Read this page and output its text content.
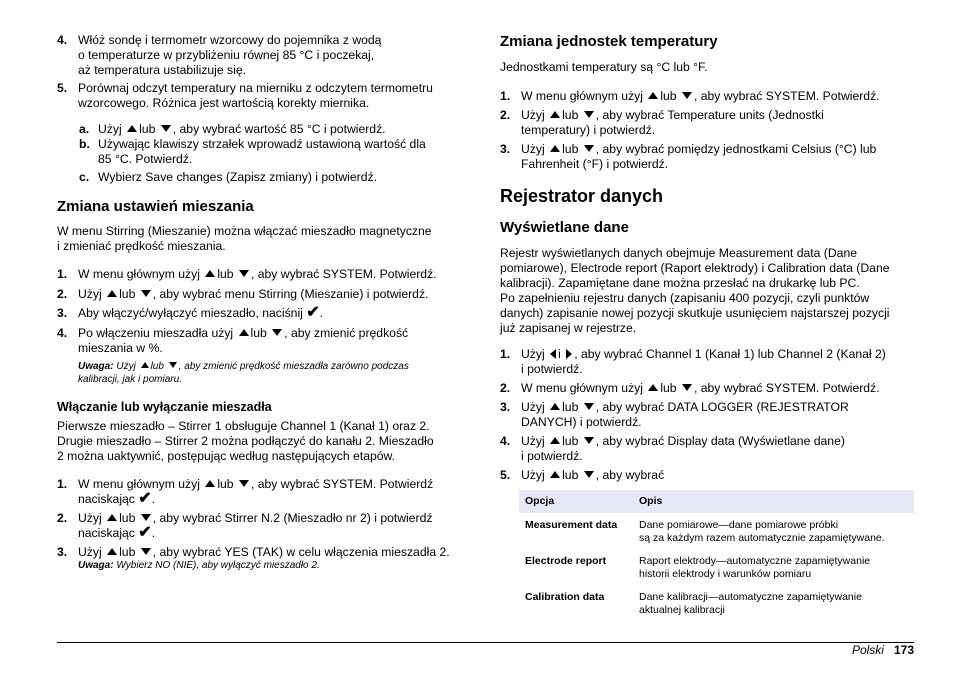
4. Włóż sondę i termometr wzorcowy do pojemnika z wodą
o temperaturze w przybliżeniu równej 85 °C i poczekaj,
aż temperatura ustabilizuje się.
5. Porównaj odczyt temperatury na mierniku z odczytem termometru
wzorcowego. Różnica jest wartością korekty miernika.
a. Użyj lub , aby wybrać wartość 85 °C i potwierdź.
b. Używając klawiszy strzałek wprowadź ustawioną wartość dla
85 °C. Potwierdź.
c. Wybierz Save changes (Zapisz zmiany) i potwierdź.
Zmiana ustawień mieszania
W menu Stirring (Mieszanie) można włączać mieszadło magnetyczne
i zmieniać prędkość mieszania.
1. W menu głównym użyj lub , aby wybrać SYSTEM. Potwierdź.
2. Użyj lub , aby wybrać menu Stirring (Mieszanie) i potwierdź.
3. Aby włączyć/wyłączyć mieszadło, naciśnij ✔.
4. Po włączeniu mieszadła użyj lub , aby zmienić prędkość
mieszania w %.
Uwaga: Użyj lub , aby zmienić prędkość mieszadła zarówno podczas
kalibracji, jak i pomiaru.
Włączanie lub wyłączanie mieszadła
Pierwsze mieszadło – Stirrer 1 obsługuje Channel 1 (Kanał 1) oraz 2.
Drugie mieszadło – Stirrer 2 można podłączyć do kanału 2. Mieszadło
2 można uaktywnić, postępując według następujących etapów.
1. W menu głównym użyj lub , aby wybrać SYSTEM. Potwierdź
naciskając ✔.
2. Użyj lub , aby wybrać Stirrer N.2 (Mieszadło nr 2) i potwierdź
naciskając ✔.
3. Użyj lub , aby wybrać YES (TAK) w celu włączenia mieszadła 2.
Uwaga: Wybierz NO (NIE), aby wyłączyć mieszadło 2.
Zmiana jednostek temperatury
Jednostkami temperatury są °C lub °F.
1. W menu głównym użyj lub , aby wybrać SYSTEM. Potwierdź.
2. Użyj lub , aby wybrać Temperature units (Jednostki
temperatury) i potwierdź.
3. Użyj lub , aby wybrać pomiędzy jednostkami Celsius (°C) lub
Fahrenheit (°F) i potwierdź.
Rejestrator danych
Wyświetlane dane
Rejestr wyświetlanych danych obejmuje Measurement data (Dane
pomiarowe), Electrode report (Raport elektrody) i Calibration data (Dane
kalibracji). Zapamiętane dane można przesłać na drukarkę lub PC.
Po zapełnieniu rejestru danych (zapisaniu 400 pozycji, czyli punktów
danych) zapisanie nowej pozycji skutkuje usunięciem najstarszej pozycji
już zapisanej w rejestrze.
1. Użyj i , aby wybrać Channel 1 (Kanał 1) lub Channel 2 (Kanał 2)
i potwierdź.
2. W menu głównym użyj lub , aby wybrać SYSTEM. Potwierdź.
3. Użyj lub , aby wybrać DATA LOGGER (REJESTRATOR
DANYCH) i potwierdź.
4. Użyj lub , aby wybrać Display data (Wyświetlane dane)
i potwierdź.
5. Użyj lub , aby wybrać
Opcja	Opis
Measurement data	Dane pomiarowe—dane pomiarowe próbki
są za każdym razem automatycznie zapamiętywane.

Electrode report	Raport elektrody—automatyczne zapamiętywanie
historii elektrody i warunków pomiaru

Calibration data	Dane kalibracji—automatyczne zapamiętywanie
aktualnej kalibracji
Polski 173
